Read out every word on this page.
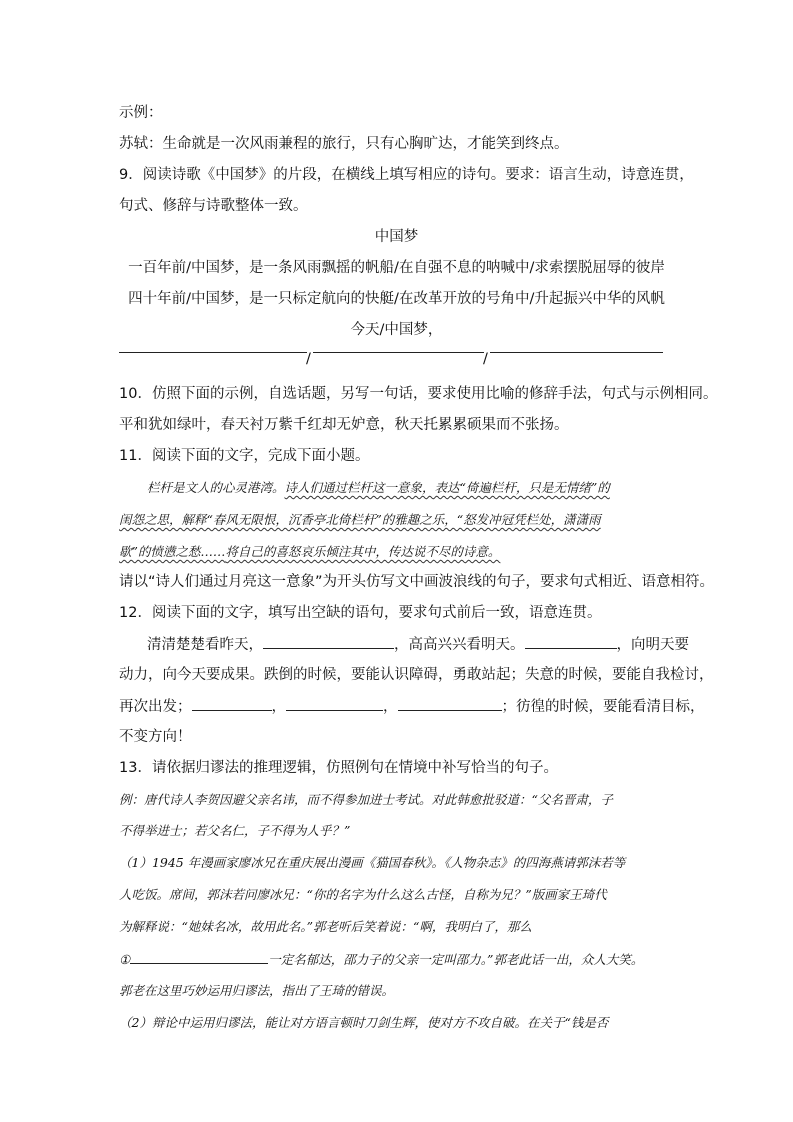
示例：
苏轼：生命就是一次风雨兼程的旅行，只有心胸旷达，才能笑到终点。
9．阅读诗歌《中国梦》的片段，在横线上填写相应的诗句。要求：语言生动，诗意连贯，
句式、修辞与诗歌整体一致。
中国梦
一百年前/中国梦，是一条风雨飘摇的帆船/在自强不息的呐喊中/求索摆脱屈辱的彼岸
四十年前/中国梦，是一只标定航向的快艇/在改革开放的号角中/升起振兴中华的风帆
今天/中国梦，
/	/
10．仿照下面的示例，自选话题，另写一句话，要求使用比喻的修辞手法，句式与示例相同。
平和犹如绿叶，春天衬万紫千红却无妒意，秋天托累累硕果而不张扬。
11．阅读下面的文字，完成下面小题。
栏杆是文人的心灵港湾。诗人们通过栏杆这一意象，表达“倚遍栏杆，只是无情绪”的
闺怨之思，解释“春风无限恨，沉香亭北倚栏杆”的雅趣之乐，“怒发冲冠凭栏处，潇潇雨
歇”的愤懑之愁……将自己的喜怒哀乐倾注其中，传达说不尽的诗意。
请以“诗人们通过月亮这一意象”为开头仿写文中画波浪线的句子，要求句式相近、语意相符。
12．阅读下面的文字，填写出空缺的语句，要求句式前后一致，语意连贯。
清清楚楚看昨天，	，高高兴兴看明天。	，向明天要
动力，向今天要成果。跌倒的时候，要能认识障碍，勇敢站起；失意的时候，要能自我检讨，
再次出发；	，	，	；彷徨的时候，要能看清目标，
不变方向！
13．请依据归谬法的推理逻辑，仿照例句在情境中补写恰当的句子。
例：唐代诗人李贺因避父亲名讳，而不得参加进士考试。对此韩愈批驳道：“父名晋肃，子
不得举进士；若父名仁，子不得为人乎？”
（1）1945 年漫画家廖冰兄在重庆展出漫画《猫国春秋》。《人物杂志》的四海燕请郭沫若等
人吃饭。席间，郭沫若问廖冰兄：“你的名字为什么这么古怪，自称为兄？”版画家王琦代
为解释说：“她妹名冰，故用此名。”郭老听后笑着说：“啊，我明白了，那么
①	一定名郁达，邵力子的父亲一定叫邵力。”郭老此话一出，众人大笑。
郭老在这里巧妙运用归谬法，指出了王琦的错误。
（2）辩论中运用归谬法，能让对方语言顿时刀剑生辉，使对方不攻自破。在关于“钱是否
